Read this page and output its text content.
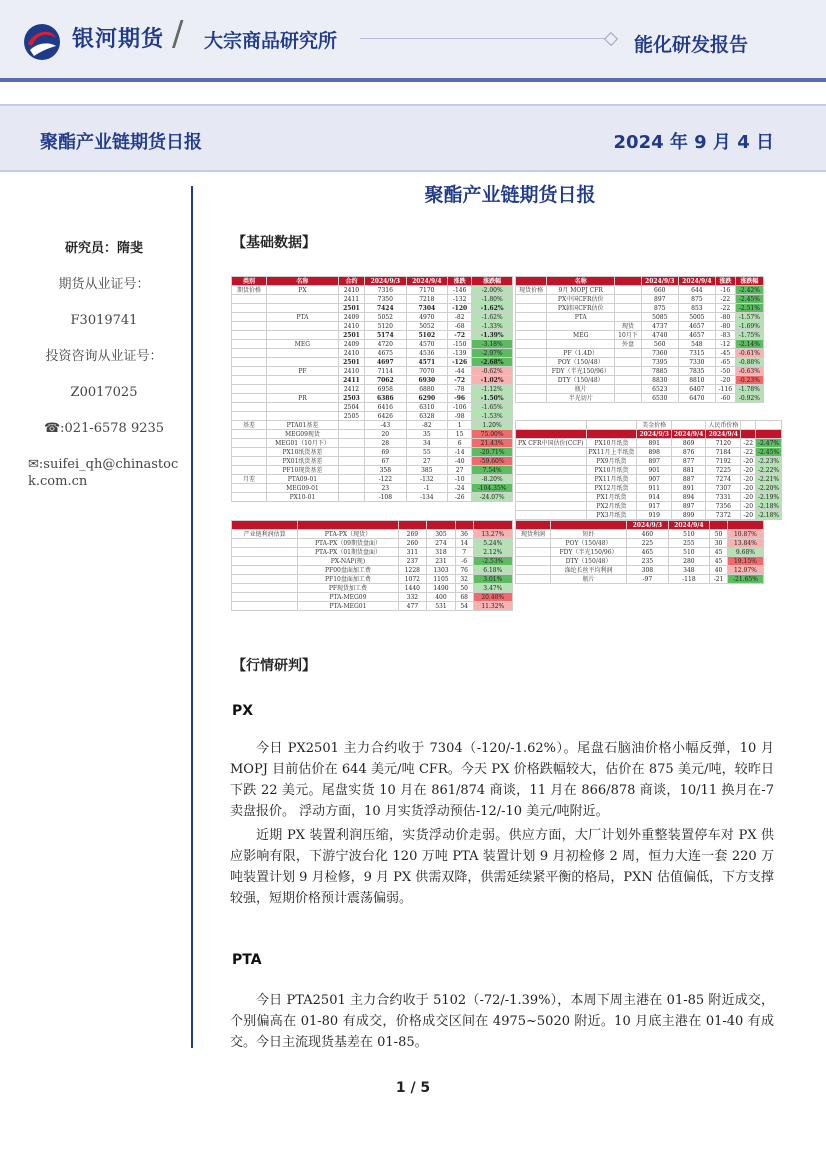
银河期货 / 大宗商品研究所	能化研发报告
聚酯产业链期货日报	2024 年 9 月 4 日
研究员：隋斐
期货从业证号：
F3019741
投资咨询从业证号：
Z0017025
☎:021-6578 9235
✉:suifei_qh@chinastock.com.cn
聚酯产业链期货日报
【基础数据】
类别	名称	合约	2024/9/3	2024/9/4	涨跌	涨跌幅
期货价格	PX	2410	7316	7170	-146	-2.00%
		2411	7350	7218	-132	-1.80%
		2501	7424	7304	-120	-1.62%
	PTA	2409	5052	4970	-82	-1.62%
		2410	5120	5052	-68	-1.33%
		2501	5174	5102	-72	-1.39%
	MEG	2409	4720	4570	-150	-3.18%
		2410	4675	4536	-139	-2.97%
		2501	4697	4571	-126	-2.68%
	PF	2410	7114	7070	-44	-0.62%
		2411	7062	6930	-72	-1.02%
		2412	6958	6880	-78	-1.12%
	PR	2503	6386	6290	-96	-1.50%
		2504	6416	6310	-106	-1.65%
		2505	6426	6328	-98	-1.53%
基差	PTA01基差		-43	-82	1	1.20%
	MEG09现货		20	35	15	75.00%
	MEG01（10月下）		28	34	6	21.43%
	PX10纸货基差		69	55	-14	-20.71%
	PX01纸货基差		67	27	-40	-59.60%
	PF10现货基差		358	385	27	7.54%
月差	PTA09-01		-122	-132	-10	-8.20%
	MEG09-01		23	-1	-24	-104.35%
	PX10-01		-108	-134	-26	-24.07%

产业链利润估算	PTA-PX（现货）	269	305	36	13.27%
	PTA-PX（09期货盘面）	260	274	14	5.24%
	PTA-PX（01期货盘面）	311	318	7	2.12%
	PX-NAP(现)	237	231	-6	-2.53%
	PF00盘面加工费	1228	1303	76	6.18%
	PF10盘面加工费	1072	1105	32	3.01%
	PF现货加工费	1440	1490	50	3.47%
	PTA-MEG09	332	400	68	20.48%
	PTA-MEG01	477	531	54	11.32%
	名称		2024/9/3	2024/9/4	涨跌	涨跌幅
现货价格	9月 MOPJ CFR		660	644	-16	-2.42%
	PX中国CFR估价		897	875	-22	-2.45%
	PX韩国CFR估价		875	853	-22	-2.51%
	PTA		5085	5005	-80	-1.57%
		现货	4737	4657	-80	-1.69%
	MEG	10月下	4740	4657	-83	-1.75%
		外盘	560	548	-12	-2.14%
	PF（1.4D）		7360	7315	-45	-0.61%
	POY（150/48）		7395	7330	-65	-0.88%
	FDY（半光150/96）		7885	7835	-50	-0.63%
	DTY（150/48）		8830	8810	-20	-0.23%
	瓶片		6523	6407	-116	-1.78%
	半光切片		6530	6470	-60	-0.92%
		美金价格		人民币价格		
		2024/9/3	2024/9/4	2024/9/4		
PX CFR中国估价(CCF)	PX10月纸货	891	869	7120	-22	-2.47%
	PX11月上半纸货	898	876	7184	-22	-2.45%
	PX9月纸货	897	877	7192	-20	-2.23%
	PX10月纸货	901	881	7225	-20	-2.22%
	PX11月纸货	907	887	7274	-20	-2.21%
	PX12月纸货	911	891	7307	-20	-2.20%
	PX1月纸货	914	894	7331	-20	-2.19%
	PX2月纸货	917	897	7356	-20	-2.18%
	PX3月纸货	919	899	7372	-20	-2.18%
		2024/9/3	2024/9/4		
现货利润	短纤	460	510	50	10.87%
	POY（150/48）	225	255	30	13.84%
	FDY（半光150/96）	465	510	45	9.68%
	DTY（150/48）	235	280	45	19.15%
	涤纶长丝平均利润	308	348	40	12.97%
	瓶片	-97	-118	-21	-21.65%
【行情研判】
PX
今日 PX2501 主力合约收于 7304（-120/-1.62%）。尾盘石脑油价格小幅反弹，10 月 MOPJ 目前估价在 644 美元/吨 CFR。今天 PX 价格跌幅较大，估价在 875 美元/吨，较昨日下跌 22 美元。尾盘实货 10 月在 861/874 商谈，11 月在 866/878 商谈，10/11 换月在-7 卖盘报价。 浮动方面，10 月实货浮动预估-12/-10 美元/吨附近。
近期 PX 装置利润压缩，实货浮动价走弱。供应方面，大厂计划外重整装置停车对 PX 供应影响有限，下游宁波台化 120 万吨 PTA 装置计划 9 月初检修 2 周，恒力大连一套 220 万吨装置计划 9 月检修，9 月 PX 供需双降，供需延续紧平衡的格局，PXN 估值偏低，下方支撑较强，短期价格预计震荡偏弱。
PTA
今日 PTA2501 主力合约收于 5102（-72/-1.39%），本周下周主港在 01-85 附近成交，个别偏高在 01-80 有成交，价格成交区间在 4975~5020 附近。10 月底主港在 01-40 有成交。今日主流现货基差在 01-85。
1 / 5
